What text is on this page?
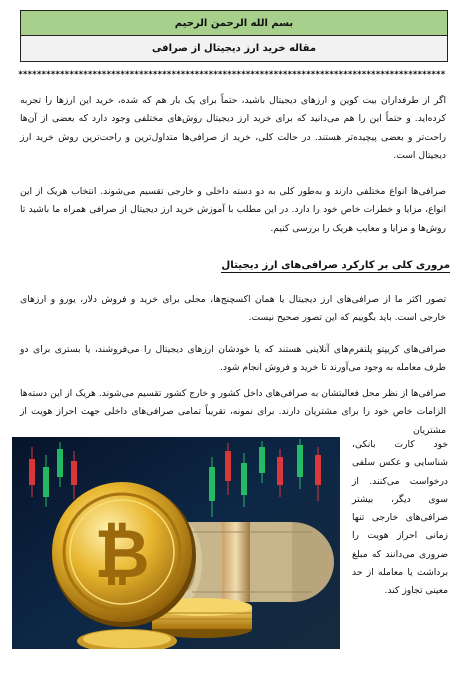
بسم الله الرحمن الرحیم
مقاله خرید ارز دیجیتال از صرافی
********************************************************************************************

اگر از طرفداران بیت کوین و ارزهای دیجیتال باشید، حتماً برای یک بار هم که شده، خرید این ارزها را تجربه کرده‌اید. و حتماً این را هم می‌دانید که برای خرید ارز دیجیتال روش‌های مختلفی وجود دارد که بعضی از آن‌ها راحت‌تر و بعضی پیچیده‌تر هستند. در حالت کلی، خرید از صرافی‌ها متداول‌ترین و راحت‌ترین روش خرید ارز دیجیتال است.

صرافی‌ها انواع مختلفی دارند و به‌طور کلی به دو دسته داخلی و خارجی تقسیم می‌شوند. انتخاب هریک از این انواع، مزایا و خطرات خاص خود را دارد. در این مطلب با آموزش خرید ارز دیجیتال از صرافی همراه ما باشید تا روش‌ها و مزایا و معایب هریک را بررسی کنیم.

مروری کلی بر کارکرد صرافی‌های ارز دیجیتال

تصور اکثر ما از صرافی‌های ارز دیجیتال یا همان اکسچنج‌ها، محلی برای خرید و فروش دلار، یورو و ارزهای خارجی است. باید بگوییم که این تصور صحیح نیست.

صرافی‌های کریپتو پلتفرم‌های آنلاینی هستند که یا خودشان ارزهای دیجیتال را می‌فروشند، یا بستری برای دو طرف معامله به وجود می‌آورند تا خرید و فروش انجام شود.

صرافی‌ها از نظر محل فعالیتشان به صرافی‌های داخل کشور و خارج کشور تقسیم می‌شوند. هریک از این دسته‌ها الزامات خاص خود را برای مشتریان دارند. برای نمونه، تقریباً تمامی صرافی‌های داخلی جهت احراز هویت از مشتریان

خود کارت بانکی، شناسایی و عکس سلفی درخواست می‌کنند. از سوی دیگر، بیشتر صرافی‌های خارجی تنها زمانی احراز هویت را ضروری می‌دانند که مبلغ برداشت یا معامله از حد معینی تجاوز کند.

₿
